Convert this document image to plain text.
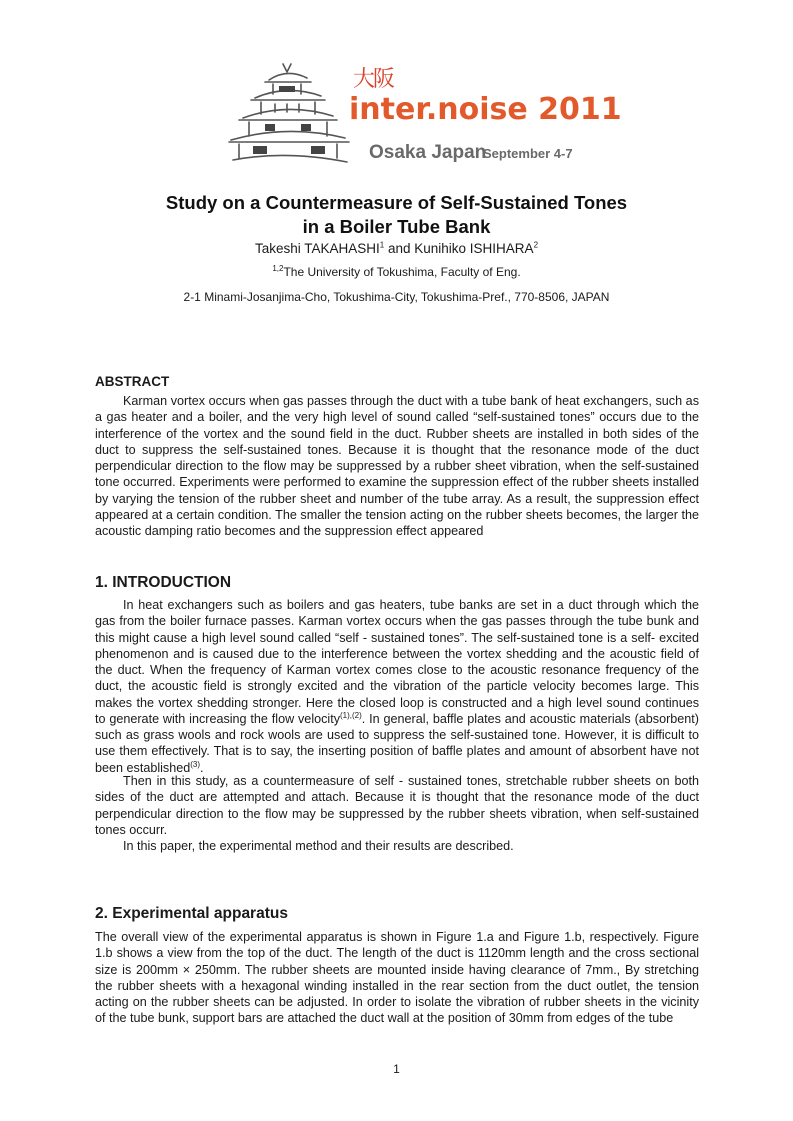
大阪
inter.noise 2011
Osaka Japan
September 4-7
Study on a Countermeasure of Self-Sustained Tones
in a Boiler Tube Bank
Takeshi TAKAHASHI$^1$ and Kunihiko ISHIHARA$^2$
$^{1,2}$The University of Tokushima, Faculty of Eng.
2-1 Minami-Josanjima-Cho, Tokushima-City, Tokushima-Pref., 770-8506, JAPAN
ABSTRACT

Karman vortex occurs when gas passes through the duct with a tube bank of heat exchangers, such as a gas heater and a boiler, and the very high level of sound called “self-sustained tones” occurs due to the interference of the vortex and the sound field in the duct. Rubber sheets are installed in both sides of the duct to suppress the self-sustained tones. Because it is thought that the resonance mode of the duct perpendicular direction to the flow may be suppressed by a rubber sheet vibration, when the self-sustained tone occurred. Experiments were performed to examine the suppression effect of the rubber sheets installed by varying the tension of the rubber sheet and number of the tube array. As a result, the suppression effect appeared at a certain condition. The smaller the tension acting on the rubber sheets becomes, the larger the acoustic damping ratio becomes and the suppression effect appeared

1. INTRODUCTION

In heat exchangers such as boilers and gas heaters, tube banks are set in a duct through which the gas from the boiler furnace passes. Karman vortex occurs when the gas passes through the tube bunk and this might cause a high level sound called “self - sustained tones”. The self-sustained tone is a self- excited phenomenon and is caused due to the interference between the vortex shedding and the acoustic field of the duct. When the frequency of Karman vortex comes close to the acoustic resonance frequency of the duct, the acoustic field is strongly excited and the vibration of the particle velocity becomes large. This makes the vortex shedding stronger. Here the closed loop is constructed and a high level sound continues to generate with increasing the flow velocity$^{(1),(2)}$. In general, baffle plates and acoustic materials (absorbent) such as grass wools and rock wools are used to suppress the self-sustained tone. However, it is difficult to use them effectively. That is to say, the inserting position of baffle plates and amount of absorbent have not been established$^{(3)}$.

Then in this study, as a countermeasure of self - sustained tones, stretchable rubber sheets on both sides of the duct are attempted and attach. Because it is thought that the resonance mode of the duct perpendicular direction to the flow may be suppressed by the rubber sheets vibration, when self-sustained tones occurr.

In this paper, the experimental method and their results are described.

2. Experimental apparatus

The overall view of the experimental apparatus is shown in Figure 1.a and Figure 1.b, respectively. Figure 1.b shows a view from the top of the duct. The length of the duct is 1120mm length and the cross sectional size is 200mm × 250mm. The rubber sheets are mounted inside having clearance of 7mm., By stretching the rubber sheets with a hexagonal winding installed in the rear section from the duct outlet, the tension acting on the rubber sheets can be adjusted. In order to isolate the vibration of rubber sheets in the vicinity of the tube bunk, support bars are attached the duct wall at the position of 30mm from edges of the tube

1
